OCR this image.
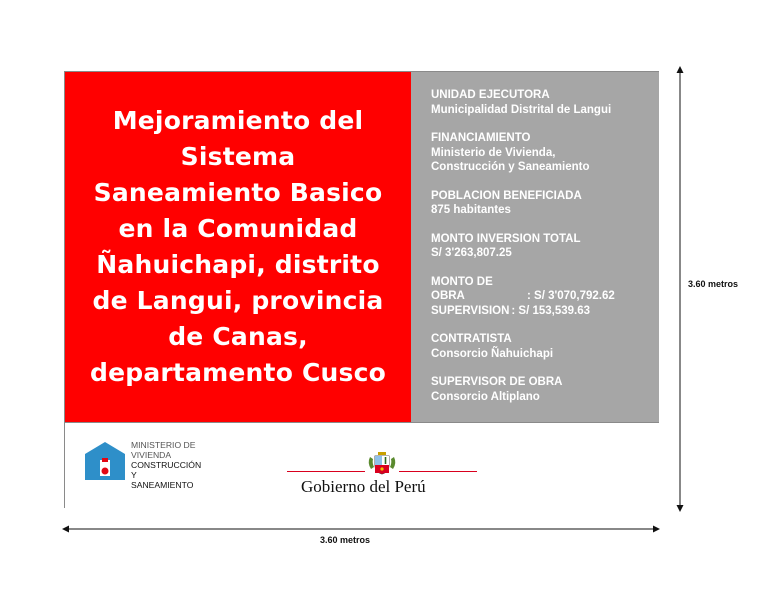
Mejoramiento del
Sistema
Saneamiento Basico
en la Comunidad
Ñahuichapi, distrito
de Langui, provincia
de Canas,
departamento Cusco
UNIDAD EJECUTORA
Municipalidad Distrital de Langui
FINANCIAMIENTO
Ministerio de Vivienda,
Construcción y Saneamiento
POBLACION BENEFICIADA
875 habitantes
MONTO INVERSION TOTAL
S/ 3'263,807.25
MONTO DE
OBRA	: S/ 3'070,792.62
SUPERVISION : S/ 153,539.63
CONTRATISTA
Consorcio Ñahuichapi
SUPERVISOR DE OBRA
Consorcio Altiplano
MINISTERIO DE
VIVIENDA
CONSTRUCCIÓN Y
SANEAMIENTO	Gobierno del Perú
3.60 metros
3.60 metros
